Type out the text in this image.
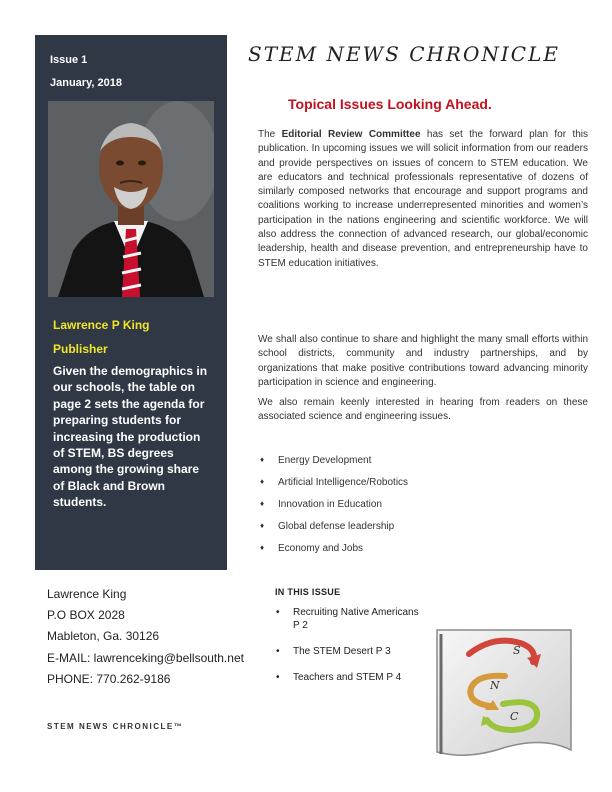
Issue 1
January, 2018
Lawrence P King
Publisher
Given the demographics in our schools, the table on page 2 sets the agenda for preparing students for increasing the production of STEM, BS degrees among the growing share of Black and Brown students.
STEM NEWS CHRONICLE
Topical Issues Looking Ahead.

The Editorial Review Committee has set the forward plan for this publication. In upcoming issues we will solicit information from our readers and provide perspectives on issues of concern to STEM education. We are educators and technical professionals representative of dozens of similarly composed networks that encourage and support programs and coalitions working to increase underrepresented minorities and women’s participation in the nations engineering and scientific workforce. We will also address the connection of advanced research, our global/economic leadership, health and disease prevention, and entrepreneurship have to STEM education initiatives.

We shall also continue to share and highlight the many small efforts within school districts, community and industry partnerships, and by organizations that make positive contributions toward advancing minority participation in science and engineering.

We also remain keenly interested in hearing from readers on these associated science and engineering issues.

♦ Energy Development
♦ Artificial Intelligence/Robotics
♦ Innovation in Education
♦ Global defense leadership
♦ Economy and Jobs
Lawrence King
P.O BOX 2028
Mableton, Ga. 30126
E-MAIL: lawrenceking@bellsouth.net
PHONE: 770.262-9186
STEM NEWS CHRONICLE™
IN THIS ISSUE
• Recruiting Native Americans                    P 2
• The STEM Desert P 3
• Teachers and STEM P 4
S
N
C
